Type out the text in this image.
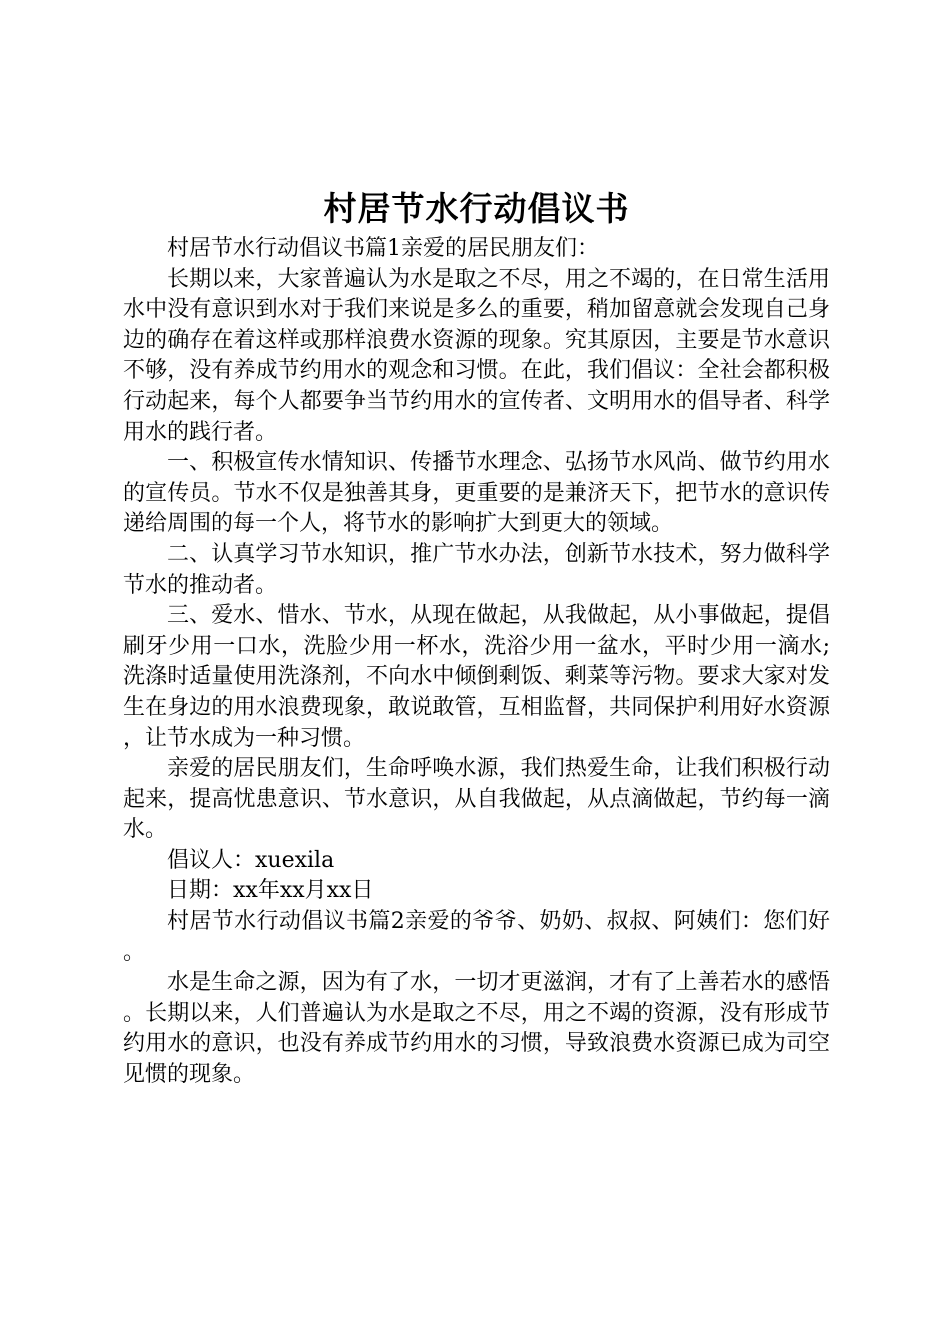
村居节水行动倡议书

村居节水行动倡议书篇1亲爱的居民朋友们：

长期以来，大家普遍认为水是取之不尽，用之不竭的，在日常生活用水中没有意识到水对于我们来说是多么的重要，稍加留意就会发现自己身边的确存在着这样或那样浪费水资源的现象。究其原因，主要是节水意识不够，没有养成节约用水的观念和习惯。在此，我们倡议：全社会都积极行动起来，每个人都要争当节约用水的宣传者、文明用水的倡导者、科学用水的践行者。

一、积极宣传水情知识、传播节水理念、弘扬节水风尚、做节约用水的宣传员。节水不仅是独善其身，更重要的是兼济天下，把节水的意识传递给周围的每一个人，将节水的影响扩大到更大的领域。

二、认真学习节水知识，推广节水办法，创新节水技术，努力做科学节水的推动者。

三、爱水、惜水、节水，从现在做起，从我做起，从小事做起，提倡刷牙少用一口水，洗脸少用一杯水，洗浴少用一盆水，平时少用一滴水;洗涤时适量使用洗涤剂，不向水中倾倒剩饭、剩菜等污物。要求大家对发生在身边的用水浪费现象，敢说敢管，互相监督，共同保护利用好水资源，让节水成为一种习惯。

亲爱的居民朋友们，生命呼唤水源，我们热爱生命，让我们积极行动起来，提高忧患意识、节水意识，从自我做起，从点滴做起，节约每一滴水。

倡议人：xuexila

日期：xx年xx月xx日

村居节水行动倡议书篇2亲爱的爷爷、奶奶、叔叔、阿姨们：您们好。

水是生命之源，因为有了水，一切才更滋润，才有了上善若水的感悟。长期以来，人们普遍认为水是取之不尽，用之不竭的资源，没有形成节约用水的意识，也没有养成节约用水的习惯，导致浪费水资源已成为司空见惯的现象。
